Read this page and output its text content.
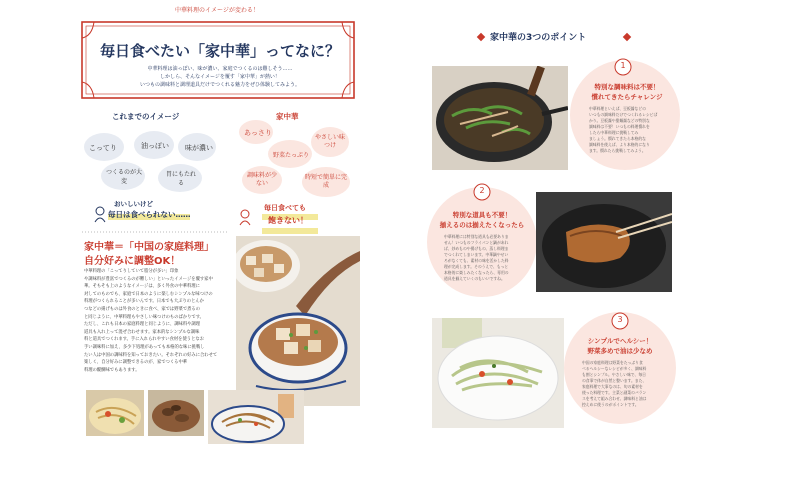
中華料理のイメージが変わる！
毎日食べたい「家中華」ってなに？
中華料理は油っぽい、味が濃い、家庭でつくるのは難しそう……
しかしら、そんなイメージを覆す「家中華」が熱い！
いつもの調味料と調理道具だけでつくれる魅力をぜひ体験してみよう。
これまでのイメージ
こってり	油っぽい 味が濃い
つくるのが大変
胃にもたれる
おいしいけど
毎日は食べられない……
家中華
あっさり
野菜たっぷり
やさしい味つけ
調味料が少ない
時短で簡単に完成
毎日食べても
飽きない！
家中華＝「中国の家庭料理」
自分好みに調整OK！
中華料理の「こってりしていて脂分が多い」印象
や調味料が豊富でつくるのが難しい」といったイメージを覆す家中
華。そもそも上のようなイメージは、多く外食の中華料理に
対してのものでも、家庭で日本のように楽しむシンプルな味つけの
料理がつくられることが多いんです。日本でも大ぶりのとんか
つなどの揚げものは外食のときに食べ、家では野菜で煮るの
と同じように、中華料理もやさしい味つけのものばかりです。
ただし、これも日本の家庭料理と同じように、調味料や調理
道具も入れ上って混ぜ合わせます。家本的なシンプルな調味
料と道具でつくれます。手に入れられやすい食材を使うとなお
手い調味料に加え、多少下処理があっても本格的な味に挑戦し
たい人は中国の調味料を知っておきたい。それぞれの好みに合わせて
楽しく、自分好みに調整できるのが、家でつくる中華
料理の醍醐味でもあります。
家中華の3つのポイント
1
特別な調味料は不要！
慣れてきたらチャレンジ
中華料理といえば、豆板醤などの
いつもの調味料だけでつくれるレシピば
かり。豆板醤や甜麺醤などの特別な
調味料は不要！いつもの料理慣れを
したら中華料理に挑戦してみ
ましょう。慣れてきたら本格的な
調味料を使えば、より本格的になり
ます。慣れたら挑戦してみよう。
2
特別な道具も不要！
揃えるのは揃えたくなったら
中華料理には特別な道具も必要ありま
せん！いつものフライパンと鍋があれ
ば、炒めものや揚げもの、蒸し料理ま
でつくれてしまいます。中華鍋やせい
ろがなくても、素材の味を活かした料
理が完成します。そのうえで、もっと
本格的に楽しみたくなったら、専用の
道具を揃えていくのもいいですね。
3
シンプルでヘルシー！
野菜多めで油は少なめ
中国の家庭料理は野菜をたっぷり食
べるヘルシーなレシピが多く、調味料
も割とシンプル。やさしい味で、毎日
の食事で体が自然と整います。また、
家庭料理で大事なのは、旬の素材を
使った料理です。主菜と副菜のバラン
スを考えて組み合わせ、調味料と油は
控えめに使うのがポイントです。
